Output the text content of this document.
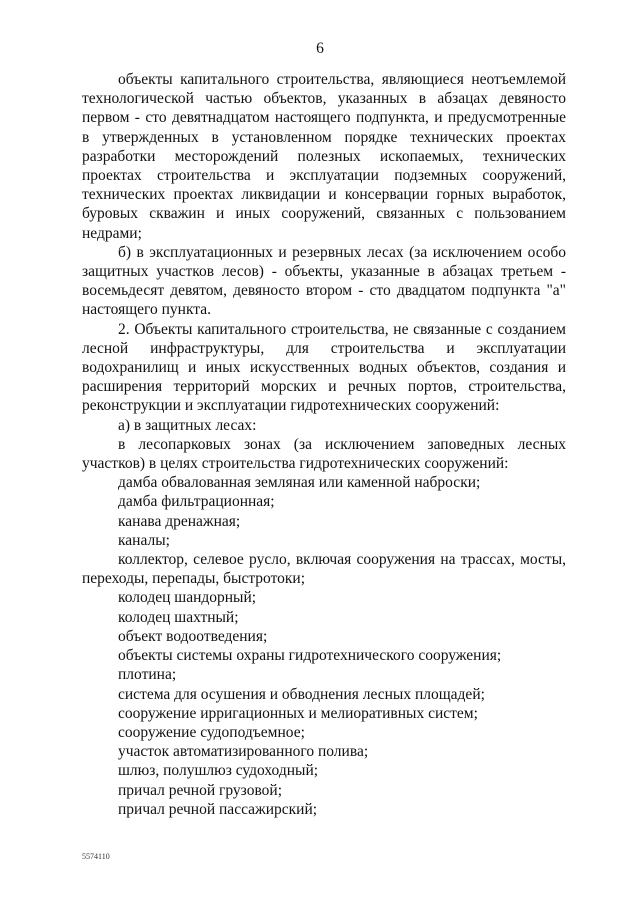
6

объекты капитального строительства, являющиеся неотъемлемой технологической частью объектов, указанных в абзацах девяносто первом - сто девятнадцатом настоящего подпункта, и предусмотренные в утвержденных в установленном порядке технических проектах разработки месторождений полезных ископаемых, технических проектах строительства и эксплуатации подземных сооружений, технических проектах ликвидации и консервации горных выработок, буровых скважин и иных сооружений, связанных с пользованием недрами;

б) в эксплуатационных и резервных лесах (за исключением особо защитных участков лесов) - объекты, указанные в абзацах третьем - восемьдесят девятом, девяносто втором - сто двадцатом подпункта "а" настоящего пункта.

2. Объекты капитального строительства, не связанные с созданием лесной инфраструктуры, для строительства и эксплуатации водохранилищ и иных искусственных водных объектов, создания и расширения территорий морских и речных портов, строительства, реконструкции и эксплуатации гидротехнических сооружений:

а) в защитных лесах:

в лесопарковых зонах (за исключением заповедных лесных участков) в целях строительства гидротехнических сооружений:

дамба обвалованная земляная или каменной наброски;

дамба фильтрационная;

канава дренажная;

каналы;

коллектор, селевое русло, включая сооружения на трассах, мосты, переходы, перепады, быстротоки;

колодец шандорный;

колодец шахтный;

объект водоотведения;

объекты системы охраны гидротехнического сооружения;

плотина;

система для осушения и обводнения лесных площадей;

сооружение ирригационных и мелиоративных систем;

сооружение судоподъемное;

участок автоматизированного полива;

шлюз, полушлюз судоходный;

причал речной грузовой;

причал речной пассажирский;

5574110
